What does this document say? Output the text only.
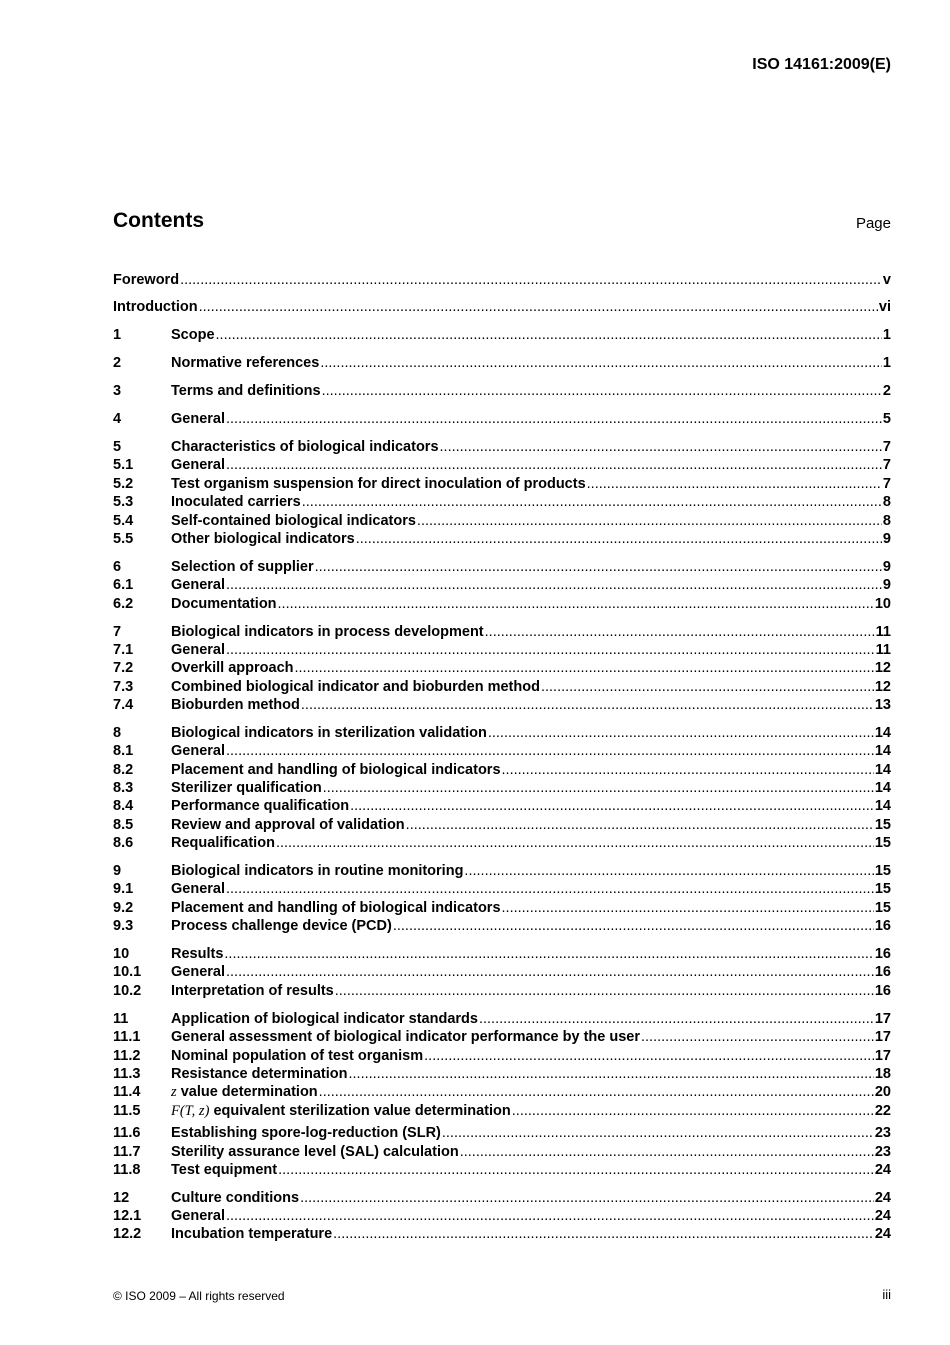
ISO 14161:2009(E)
Contents	Page
Foreword .....	v
Introduction .....	vi
1	Scope .....	1
2	Normative references .....	1
3	Terms and definitions .....	2
4	General .....	5
5	Characteristics of biological indicators .....	7
5.1	General .....	7
5.2	Test organism suspension for direct inoculation of products .....	7
5.3	Inoculated carriers .....	8
5.4	Self-contained biological indicators .....	8
5.5	Other biological indicators .....	9
6	Selection of supplier .....	9
6.1	General .....	9
6.2	Documentation .....	10
7	Biological indicators in process development .....	11
7.1	General .....	11
7.2	Overkill approach .....	12
7.3	Combined biological indicator and bioburden method .....	12
7.4	Bioburden method .....	13
8	Biological indicators in sterilization validation .....	14
8.1	General .....	14
8.2	Placement and handling of biological indicators .....	14
8.3	Sterilizer qualification .....	14
8.4	Performance qualification .....	14
8.5	Review and approval of validation .....	15
8.6	Requalification .....	15
9	Biological indicators in routine monitoring .....	15
9.1	General .....	15
9.2	Placement and handling of biological indicators .....	15
9.3	Process challenge device (PCD) .....	16
10	Results .....	16
10.1	General .....	16
10.2	Interpretation of results .....	16
11	Application of biological indicator standards .....	17
11.1	General assessment of biological indicator performance by the user .....	17
11.2	Nominal population of test organism .....	17
11.3	Resistance determination .....	18
11.4	z value determination .....	20
11.5	F(T, z) equivalent sterilization value determination .....	22
11.6	Establishing spore-log-reduction (SLR) .....	23
11.7	Sterility assurance level (SAL) calculation .....	23
11.8	Test equipment .....	24
12	Culture conditions .....	24
12.1	General .....	24
12.2	Incubation temperature .....	24
© ISO 2009 – All rights reserved	iii
